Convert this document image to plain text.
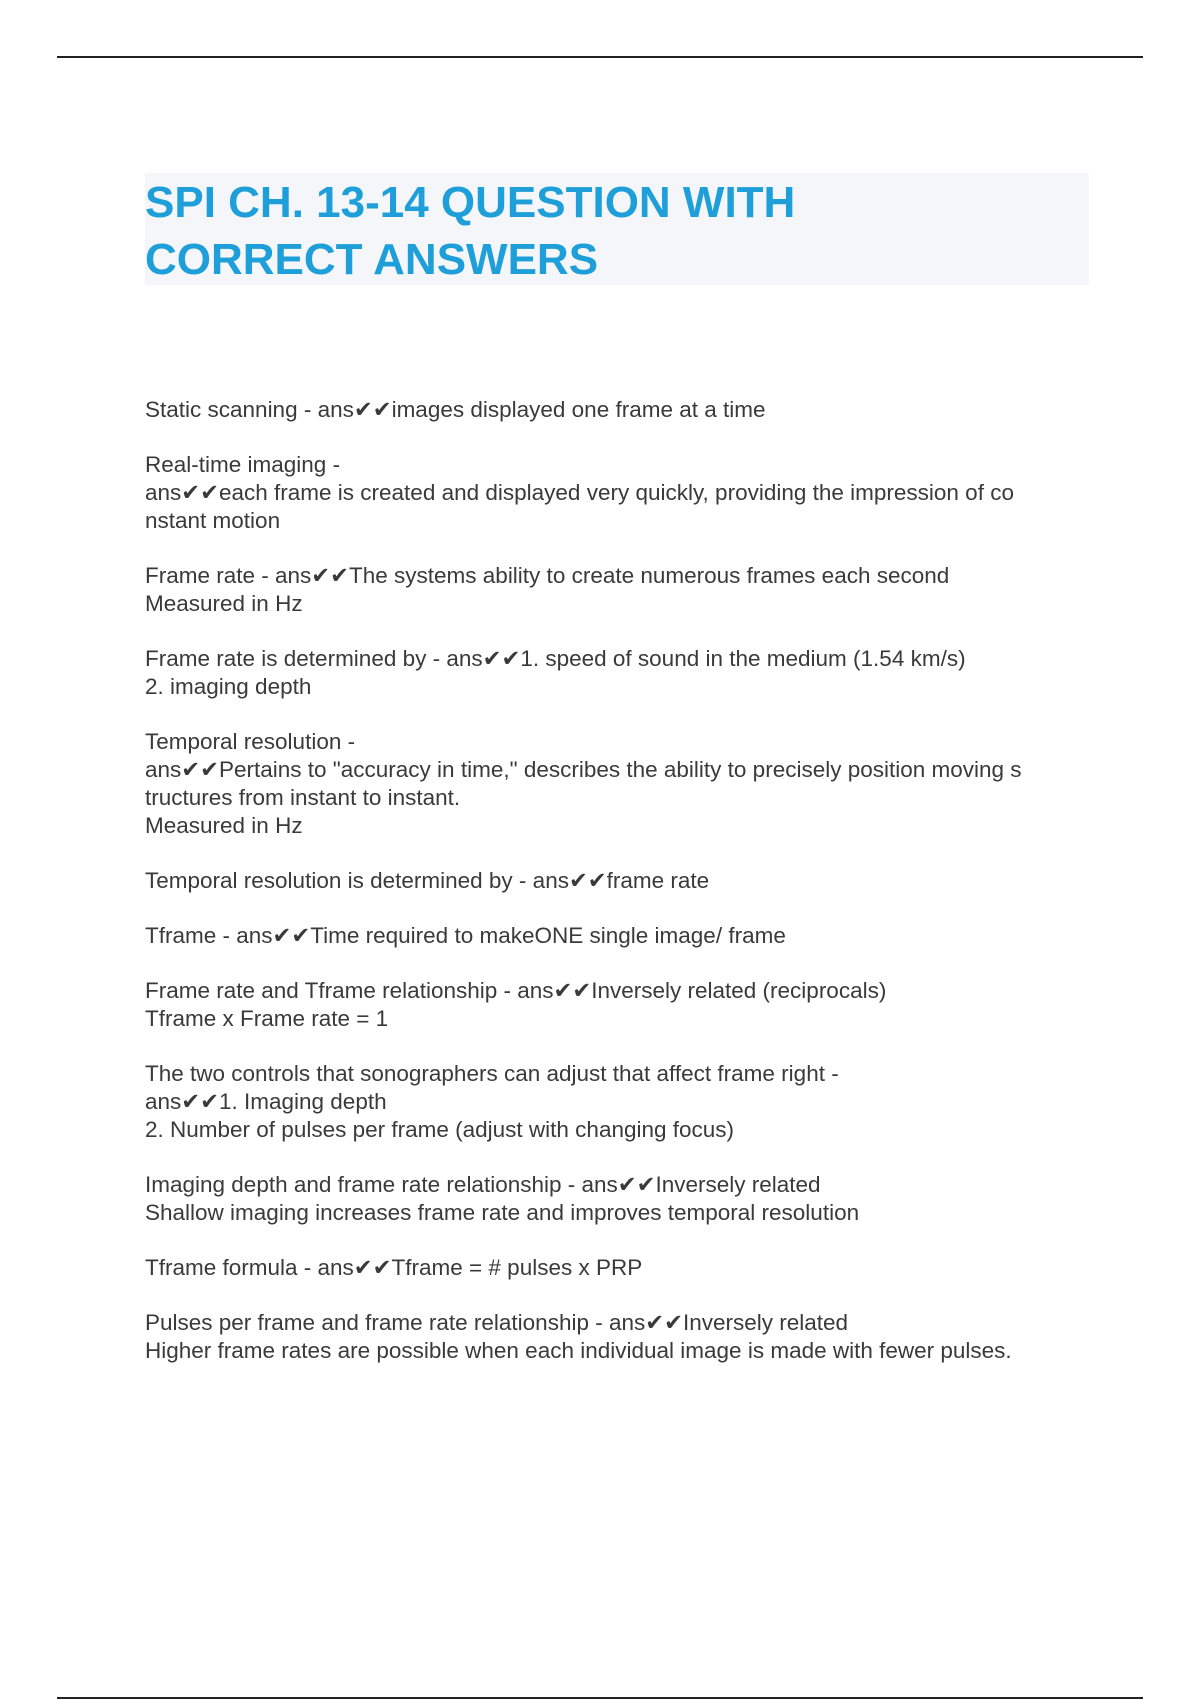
SPI CH. 13-14 QUESTION WITH
CORRECT ANSWERS
Static scanning - ans✔✔images displayed one frame at a time
Real-time imaging -
ans✔✔each frame is created and displayed very quickly, providing the impression of co
nstant motion
Frame rate - ans✔✔The systems ability to create numerous frames each second
Measured in Hz
Frame rate is determined by - ans✔✔1. speed of sound in the medium (1.54 km/s)
2. imaging depth
Temporal resolution -
ans✔✔Pertains to "accuracy in time," describes the ability to precisely position moving s
tructures from instant to instant.
Measured in Hz
Temporal resolution is determined by - ans✔✔frame rate
Tframe - ans✔✔Time required to makeONE single image/ frame
Frame rate and Tframe relationship - ans✔✔Inversely related (reciprocals)
Tframe x Frame rate = 1
The two controls that sonographers can adjust that affect frame right -
ans✔✔1. Imaging depth
2. Number of pulses per frame (adjust with changing focus)
Imaging depth and frame rate relationship - ans✔✔Inversely related
Shallow imaging increases frame rate and improves temporal resolution
Tframe formula - ans✔✔Tframe = # pulses x PRP
Pulses per frame and frame rate relationship - ans✔✔Inversely related
Higher frame rates are possible when each individual image is made with fewer pulses.
